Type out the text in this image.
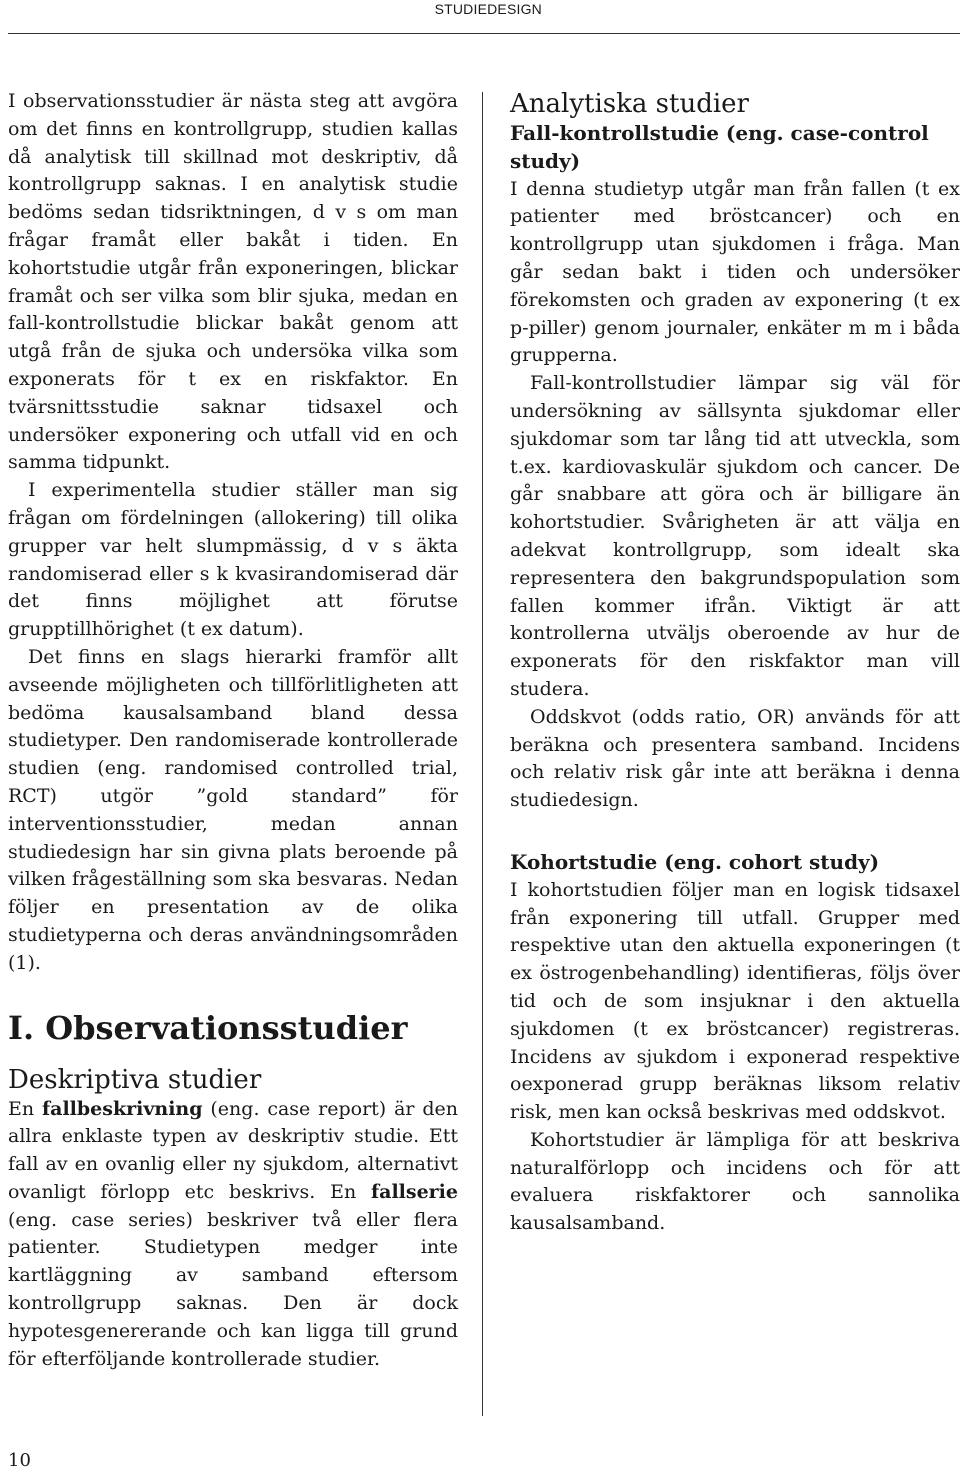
STUDIEDESIGN

I observationsstudier är nästa steg att avgöra om det finns en kontrollgrupp, studien kallas då analytisk till skillnad mot deskriptiv, då kontrollgrupp saknas. I en analytisk studie bedöms sedan tidsriktningen, d v s om man frågar framåt eller bakåt i tiden. En kohortstudie utgår från exponeringen, blickar framåt och ser vilka som blir sjuka, medan en fall-kontrollstudie blickar bakåt genom att utgå från de sjuka och undersöka vilka som exponerats för t ex en riskfaktor. En tvärsnittsstudie saknar tidsaxel och undersöker exponering och utfall vid en och samma tidpunkt.

I experimentella studier ställer man sig frågan om fördelningen (allokering) till olika grupper var helt slumpmässig, d v s äkta randomiserad eller s k kvasirandomiserad där det finns möjlighet att förutse grupptillhörighet (t ex datum).

Det finns en slags hierarki framför allt avseende möjligheten och tillförlitligheten att bedöma kausalsamband bland dessa studietyper. Den randomiserade kontrollerade studien (eng. randomised controlled trial, RCT) utgör ”gold standard” för interventionsstudier, medan annan studiedesign har sin givna plats beroende på vilken frågeställning som ska besvaras. Nedan följer en presentation av de olika studietyperna och deras användningsområden (1).

I. Observationsstudier
Deskriptiva studier

En fallbeskrivning (eng. case report) är den allra enklaste typen av deskriptiv studie. Ett fall av en ovanlig eller ny sjukdom, alternativt ovanligt förlopp etc beskrivs. En fallserie (eng. case series) beskriver två eller flera patienter. Studietypen medger inte kartläggning av samband eftersom kontrollgrupp saknas. Den är dock hypotesgenererande och kan ligga till grund för efterföljande kontrollerade studier.

Analytiska studier
Fall-kontrollstudie (eng. case-control study)

I denna studietyp utgår man från fallen (t ex patienter med bröstcancer) och en kontrollgrupp utan sjukdomen i fråga. Man går sedan bakt i tiden och undersöker förekomsten och graden av exponering (t ex p-piller) genom journaler, enkäter m m i båda grupperna.

Fall-kontrollstudier lämpar sig väl för undersökning av sällsynta sjukdomar eller sjukdomar som tar lång tid att utveckla, som t.ex. kardiovaskulär sjukdom och cancer. De går snabbare att göra och är billigare än kohortstudier. Svårigheten är att välja en adekvat kontrollgrupp, som idealt ska representera den bakgrundspopulation som fallen kommer ifrån. Viktigt är att kontrollerna utväljs oberoende av hur de exponerats för den riskfaktor man vill studera.

Oddskvot (odds ratio, OR) används för att beräkna och presentera samband. Incidens och relativ risk går inte att beräkna i denna studiedesign.

Kohortstudie (eng. cohort study)

I kohortstudien följer man en logisk tidsaxel från exponering till utfall. Grupper med respektive utan den aktuella exponeringen (t ex östrogenbehandling) identifieras, följs över tid och de som insjuknar i den aktuella sjukdomen (t ex bröstcancer) registreras. Incidens av sjukdom i exponerad respektive oexponerad grupp beräknas liksom relativ risk, men kan också beskrivas med oddskvot.

Kohortstudier är lämpliga för att beskriva naturalförlopp och incidens och för att evaluera riskfaktorer och sannolika kausalsamband.

10
